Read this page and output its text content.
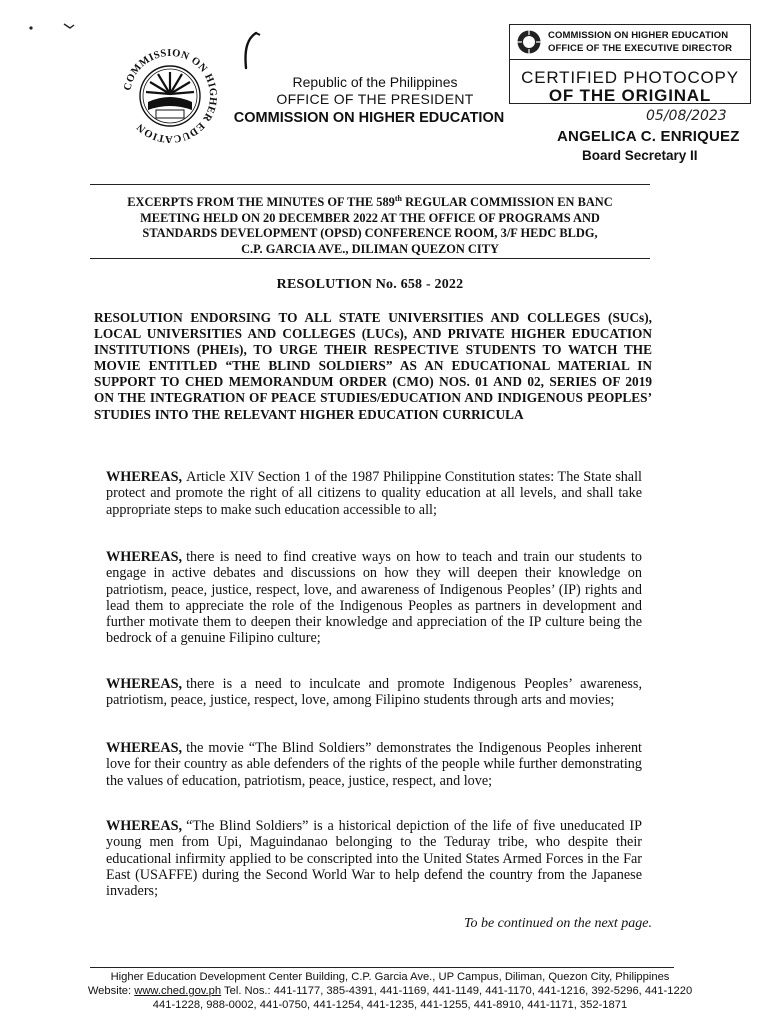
COMMISSION ON HIGHER EDUCATION
Republic of the Philippines
OFFICE OF THE PRESIDENT
COMMISSION ON HIGHER EDUCATION
COMMISSION ON HIGHER EDUCATION
OFFICE OF THE EXECUTIVE DIRECTOR
CERTIFIED PHOTOCOPY
OF THE ORIGINAL
05/08/2023
ANGELICA C. ENRIQUEZ
Board Secretary II
EXCERPTS FROM THE MINUTES OF THE 589th REGULAR COMMISSION EN BANC
MEETING HELD ON 20 DECEMBER 2022 AT THE OFFICE OF PROGRAMS AND
STANDARDS DEVELOPMENT (OPSD) CONFERENCE ROOM, 3/F HEDC BLDG,
C.P. GARCIA AVE., DILIMAN QUEZON CITY
RESOLUTION No. 658 - 2022
RESOLUTION ENDORSING TO ALL STATE UNIVERSITIES AND COLLEGES (SUCs), LOCAL UNIVERSITIES AND COLLEGES (LUCs), AND PRIVATE HIGHER EDUCATION INSTITUTIONS (PHEIs), TO URGE THEIR RESPECTIVE STUDENTS TO WATCH THE MOVIE ENTITLED “THE BLIND SOLDIERS” AS AN EDUCATIONAL MATERIAL IN SUPPORT TO CHED MEMORANDUM ORDER (CMO) NOS. 01 AND 02, SERIES OF 2019 ON THE INTEGRATION OF PEACE STUDIES/EDUCATION AND INDIGENOUS PEOPLES’ STUDIES INTO THE RELEVANT HIGHER EDUCATION CURRICULA
WHEREAS, Article XIV Section 1 of the 1987 Philippine Constitution states: The State shall protect and promote the right of all citizens to quality education at all levels, and shall take appropriate steps to make such education accessible to all;
WHEREAS, there is need to find creative ways on how to teach and train our students to engage in active debates and discussions on how they will deepen their knowledge on patriotism, peace, justice, respect, love, and awareness of Indigenous Peoples’ (IP) rights and lead them to appreciate the role of the Indigenous Peoples as partners in development and further motivate them to deepen their knowledge and appreciation of the IP culture being the bedrock of a genuine Filipino culture;
WHEREAS, there is a need to inculcate and promote Indigenous Peoples’ awareness, patriotism, peace, justice, respect, love, among Filipino students through arts and movies;
WHEREAS, the movie “The Blind Soldiers” demonstrates the Indigenous Peoples inherent love for their country as able defenders of the rights of the people while further demonstrating the values of education, patriotism, peace, justice, respect, and love;
WHEREAS, “The Blind Soldiers” is a historical depiction of the life of five uneducated IP young men from Upi, Maguindanao belonging to the Teduray tribe, who despite their educational infirmity applied to be conscripted into the United States Armed Forces in the Far East (USAFFE) during the Second World War to help defend the country from the Japanese invaders;
To be continued on the next page.
Higher Education Development Center Building, C.P. Garcia Ave., UP Campus, Diliman, Quezon City, Philippines
Website: www.ched.gov.ph Tel. Nos.: 441-1177, 385-4391, 441-1169, 441-1149, 441-1170, 441-1216, 392-5296, 441-1220
441-1228, 988-0002, 441-0750, 441-1254, 441-1235, 441-1255, 441-8910, 441-1171, 352-1871
